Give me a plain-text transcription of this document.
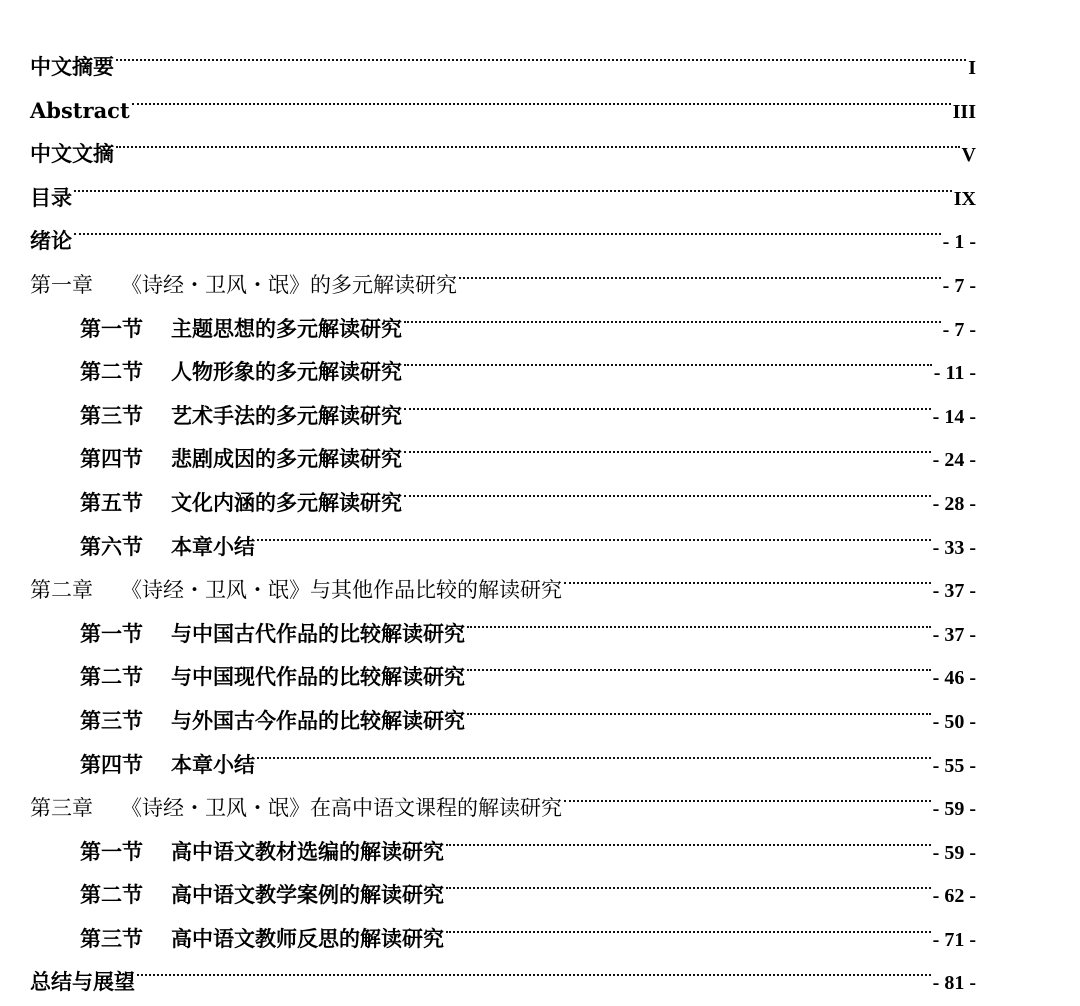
中文摘要	I
Abstract	III
中文文摘	V
目录	IX
绪论	- 1 -
第一章 《诗经・卫风・氓》的多元解读研究	- 7 -
第一节 主题思想的多元解读研究	- 7 -
第二节 人物形象的多元解读研究	- 11 -
第三节 艺术手法的多元解读研究	- 14 -
第四节 悲剧成因的多元解读研究	- 24 -
第五节 文化内涵的多元解读研究	- 28 -
第六节 本章小结	- 33 -
第二章 《诗经・卫风・氓》与其他作品比较的解读研究	- 37 -
第一节 与中国古代作品的比较解读研究	- 37 -
第二节 与中国现代作品的比较解读研究	- 46 -
第三节 与外国古今作品的比较解读研究	- 50 -
第四节 本章小结	- 55 -
第三章 《诗经・卫风・氓》在高中语文课程的解读研究	- 59 -
第一节 高中语文教材选编的解读研究	- 59 -
第二节 高中语文教学案例的解读研究	- 62 -
第三节 高中语文教师反思的解读研究	- 71 -
总结与展望	- 81 -
